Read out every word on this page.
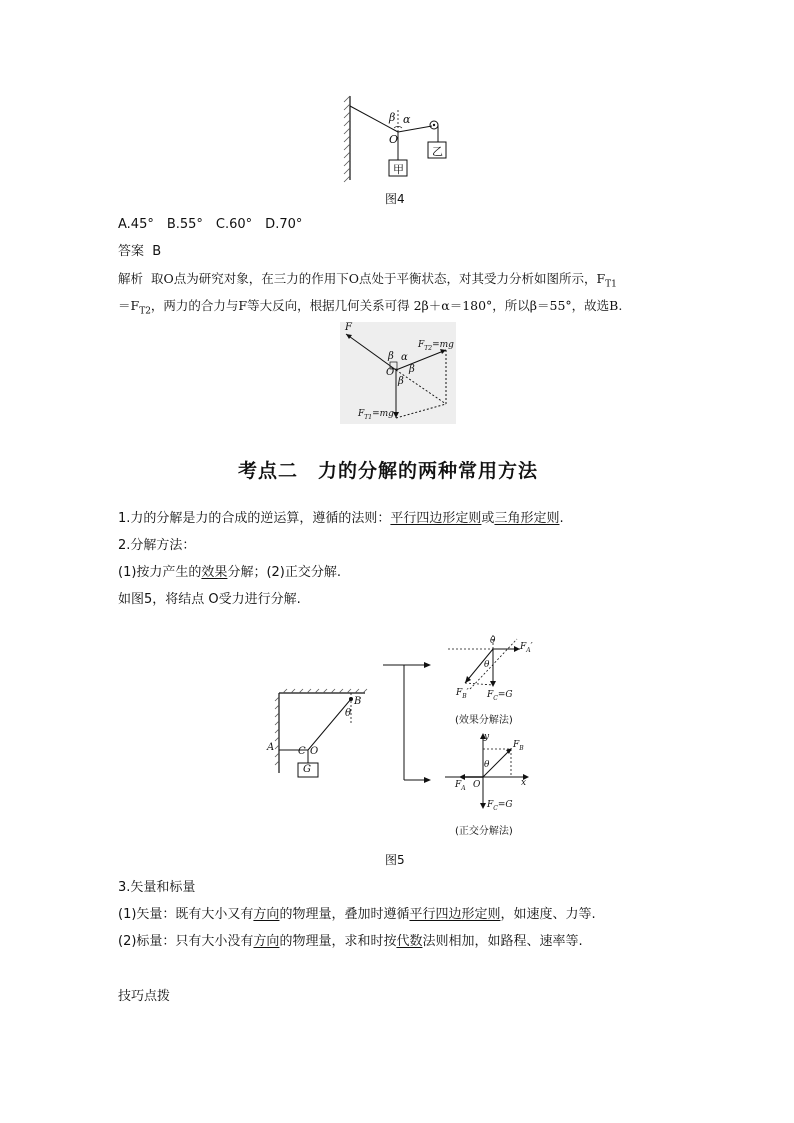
β α
O
甲
乙
图4
A.45°　B.55°　C.60°　D.70°
答案 B
解析 取O点为研究对象，在三力的作用下O点处于平衡状态，对其受力分析如图所示，$F_{T1}$
$=F_{T2}$，两力的合力与F等大反向，根据几何关系可得 2β＋α＝180°，所以β＝55°，故选B.
F
$F_{T2}=mg$
$F_{T1}=mg$
O
β α
β
β
考点二　力的分解的两种常用方法
1.力的分解是力的合成的逆运算，遵循的法则：平行四边形定则或三角形定则.
2.分解方法：
(1)按力产生的效果分解；(2)正交分解.
如图5，将结点 O受力进行分解.
A
B
C O
G
θ
θ
θ
$F_A'$
$F_B'$ $F_C=G$
(效果分解法)
y
$F_B$
θ
x
$F_A$ O
$F_C=G$
(正交分解法)
图5
3.矢量和标量
(1)矢量：既有大小又有方向的物理量，叠加时遵循平行四边形定则，如速度、力等.
(2)标量：只有大小没有方向的物理量，求和时按代数法则相加，如路程、速率等.
技巧点拨
